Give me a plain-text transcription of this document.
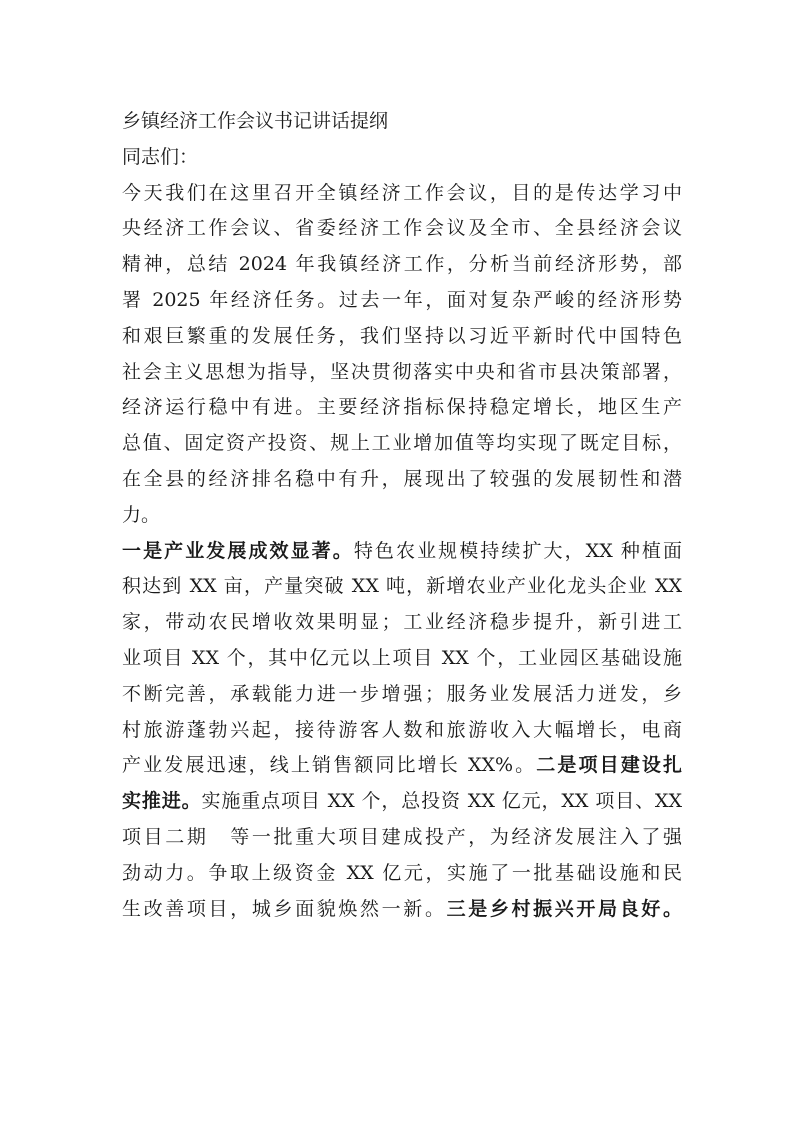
乡镇经济工作会议书记讲话提纲
同志们：
今天我们在这里召开全镇经济工作会议，目的是传达学习中
央经济工作会议、省委经济工作会议及全市、全县经济会议
精神，总结 2024 年我镇经济工作，分析当前经济形势，部
署 2025 年经济任务。过去一年，面对复杂严峻的经济形势
和艰巨繁重的发展任务，我们坚持以习近平新时代中国特色
社会主义思想为指导，坚决贯彻落实中央和省市县决策部署，
经济运行稳中有进。主要经济指标保持稳定增长，地区生产
总值、固定资产投资、规上工业增加值等均实现了既定目标，
在全县的经济排名稳中有升，展现出了较强的发展韧性和潜
力。
一是产业发展成效显著。特色农业规模持续扩大，XX 种植面
积达到 XX 亩，产量突破 XX 吨，新增农业产业化龙头企业 XX
家，带动农民增收效果明显；工业经济稳步提升，新引进工
业项目 XX 个，其中亿元以上项目 XX 个，工业园区基础设施
不断完善，承载能力进一步增强；服务业发展活力迸发，乡
村旅游蓬勃兴起，接待游客人数和旅游收入大幅增长，电商
产业发展迅速，线上销售额同比增长 XX%。二是项目建设扎
实推进。实施重点项目 XX 个，总投资 XX 亿元，XX 项目、XX
项目二期　等一批重大项目建成投产，为经济发展注入了强
劲动力。争取上级资金 XX 亿元，实施了一批基础设施和民
生改善项目，城乡面貌焕然一新。三是乡村振兴开局良好。
